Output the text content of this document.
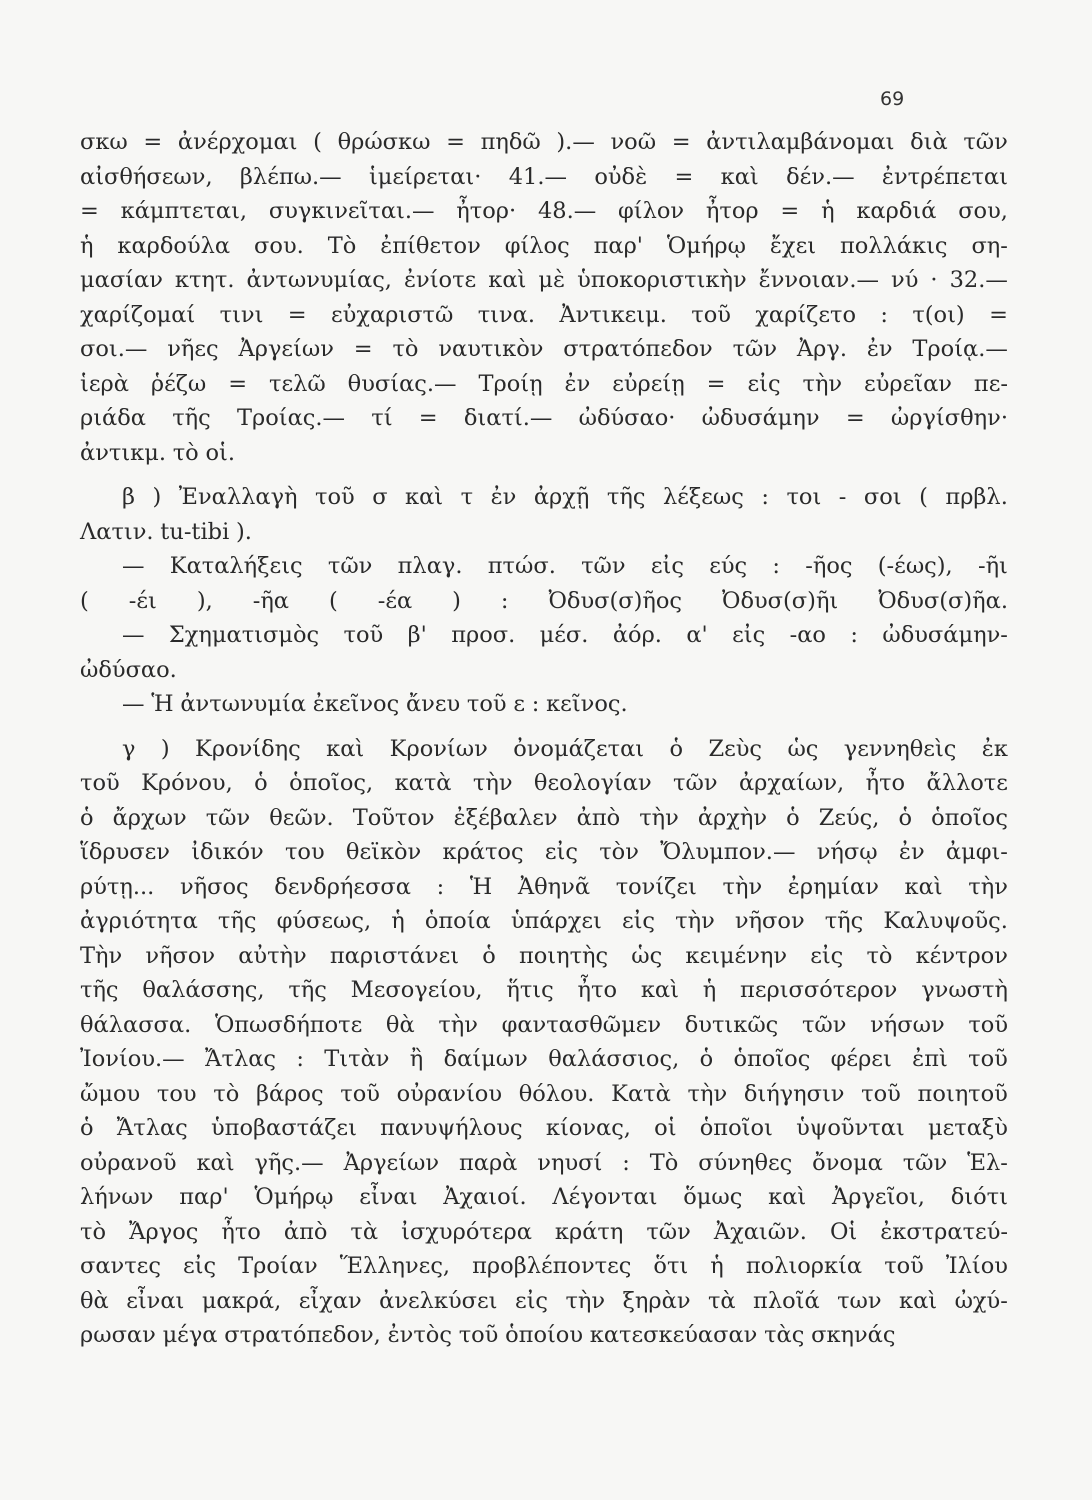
69
σκω = ἀνέρχομαι ( θρώσκω = πηδῶ ).— νοῶ = ἀντιλαμβάνομαι διὰ τῶν
αἰσθήσεων, βλέπω.— ἱμείρεται· 41.— οὐδὲ = καὶ δέν.— ἐντρέπεται
= κάμπτεται, συγκινεῖται.— ἦτορ· 48.— φίλον ἦτορ = ἡ καρδιά σου,
ἡ καρδούλα σου. Τὸ ἐπίθετον φίλος παρ' Ὁμήρῳ ἔχει πολλάκις ση-
μασίαν κτητ. ἀντωνυμίας, ἐνίοτε καὶ μὲ ὑποκοριστικὴν ἔννοιαν.— νύ · 32.—
χαρίζομαί τινι = εὐχαριστῶ τινα. Ἀντικειμ. τοῦ χαρίζετο : τ(οι) =
σοι.— νῆες Ἀργείων = τὸ ναυτικὸν στρατόπεδον τῶν Ἀργ. ἐν Τροίᾳ.—
ἱερὰ ῥέζω = τελῶ θυσίας.— Τροίῃ ἐν εὐρείῃ = εἰς τὴν εὐρεῖαν πε-
ριάδα τῆς Τροίας.— τί = διατί.— ὠδύσαο· ὠδυσάμην = ὠργίσθην·
ἀντικμ. τὸ οἱ.
β ) Ἐναλλαγὴ τοῦ σ καὶ τ ἐν ἀρχῇ τῆς λέξεως : τοι - σοι ( πρβλ.
Λατιν. tu-tibi ).
— Καταλήξεις τῶν πλαγ. πτώσ. τῶν εἰς εύς : -ῆος (-έως), -ῆι
( -έι ), -ῆα ( -έα ) : Ὀδυσ(σ)ῆος Ὀδυσ(σ)ῆι Ὀδυσ(σ)ῆα.
— Σχηματισμὸς τοῦ β' προσ. μέσ. ἀόρ. α' εἰς -αο : ὠδυσάμην-
ὠδύσαο.
— Ἡ ἀντωνυμία ἐκεῖνος ἄνευ τοῦ ε : κεῖνος.
γ ) Κρονίδης καὶ Κρονίων ὀνομάζεται ὁ Ζεὺς ὡς γεννηθεὶς ἐκ
τοῦ Κρόνου, ὁ ὁποῖος, κατὰ τὴν θεολογίαν τῶν ἀρχαίων, ἦτο ἄλλοτε
ὁ ἄρχων τῶν θεῶν. Τοῦτον ἐξέβαλεν ἀπὸ τὴν ἀρχὴν ὁ Ζεύς, ὁ ὁποῖος
ἵδρυσεν ἰδικόν του θεϊκὸν κράτος εἰς τὸν Ὄλυμπον.— νήσῳ ἐν ἀμφι-
ρύτῃ... νῆσος δενδρήεσσα : Ἡ Ἀθηνᾶ τονίζει τὴν ἐρημίαν καὶ τὴν
ἀγριότητα τῆς φύσεως, ἡ ὁποία ὑπάρχει εἰς τὴν νῆσον τῆς Καλυψοῦς.
Τὴν νῆσον αὐτὴν παριστάνει ὁ ποιητὴς ὡς κειμένην εἰς τὸ κέντρον
τῆς θαλάσσης, τῆς Μεσογείου, ἥτις ἦτο καὶ ἡ περισσότερον γνωστὴ
θάλασσα. Ὁπωσδήποτε θὰ τὴν φαντασθῶμεν δυτικῶς τῶν νήσων τοῦ
Ἰονίου.— Ἄτλας : Τιτὰν ἢ δαίμων θαλάσσιος, ὁ ὁποῖος φέρει ἐπὶ τοῦ
ὤμου του τὸ βάρος τοῦ οὐρανίου θόλου. Κατὰ τὴν διήγησιν τοῦ ποιητοῦ
ὁ Ἄτλας ὑποβαστάζει πανυψήλους κίονας, οἱ ὁποῖοι ὑψοῦνται μεταξὺ
οὐρανοῦ καὶ γῆς.— Ἀργείων παρὰ νηυσί : Τὸ σύνηθες ὄνομα τῶν Ἑλ-
λήνων παρ' Ὁμήρῳ εἶναι Ἀχαιοί. Λέγονται ὅμως καὶ Ἀργεῖοι, διότι
τὸ Ἄργος ἦτο ἀπὸ τὰ ἰσχυρότερα κράτη τῶν Ἀχαιῶν. Οἱ ἐκστρατεύ-
σαντες εἰς Τροίαν Ἕλληνες, προβλέποντες ὅτι ἡ πολιορκία τοῦ Ἰλίου
θὰ εἶναι μακρά, εἶχαν ἀνελκύσει εἰς τὴν ξηρὰν τὰ πλοῖά των καὶ ὠχύ-
ρωσαν μέγα στρατόπεδον, ἐντὸς τοῦ ὁποίου κατεσκεύασαν τὰς σκηνάς
